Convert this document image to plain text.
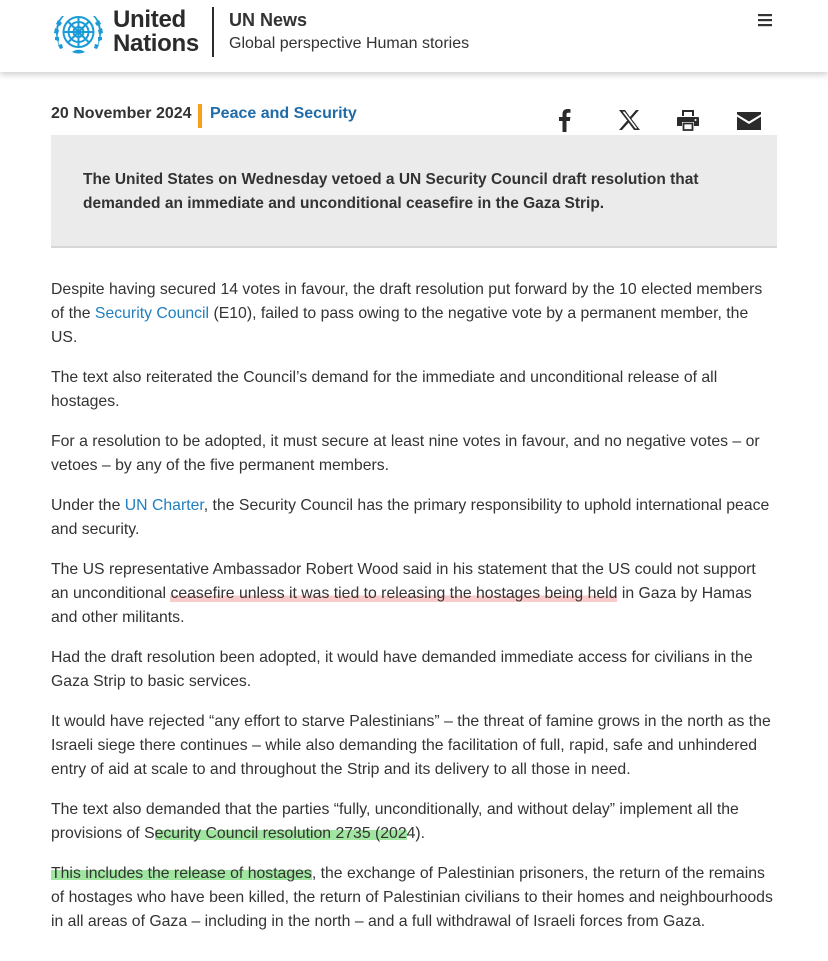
United
Nations
UN News
Global perspective Human stories
20 November 2024 Peace and Security

The United States on Wednesday vetoed a UN Security Council draft resolution that demanded an immediate and unconditional ceasefire in the Gaza Strip.

Despite having secured 14 votes in favour, the draft resolution put forward by the 10 elected members of the Security Council (E10), failed to pass owing to the negative vote by a permanent member, the US.

The text also reiterated the Council’s demand for the immediate and unconditional release of all hostages.

For a resolution to be adopted, it must secure at least nine votes in favour, and no negative votes – or vetoes – by any of the five permanent members.

Under the UN Charter, the Security Council has the primary responsibility to uphold international peace and security.

The US representative Ambassador Robert Wood said in his statement that the US could not support an unconditional ceasefire unless it was tied to releasing the hostages being held in Gaza by Hamas and other militants.

Had the draft resolution been adopted, it would have demanded immediate access for civilians in the Gaza Strip to basic services.

It would have rejected “any effort to starve Palestinians” – the threat of famine grows in the north as the Israeli siege there continues – while also demanding the facilitation of full, rapid, safe and unhindered entry of aid at scale to and throughout the Strip and its delivery to all those in need.

The text also demanded that the parties “fully, unconditionally, and without delay” implement all the provisions of Security Council resolution 2735 (2024).

This includes the release of hostages, the exchange of Palestinian prisoners, the return of the remains of hostages who have been killed, the return of Palestinian civilians to their homes and neighbourhoods in all areas of Gaza – including in the north – and a full withdrawal of Israeli forces from Gaza.
